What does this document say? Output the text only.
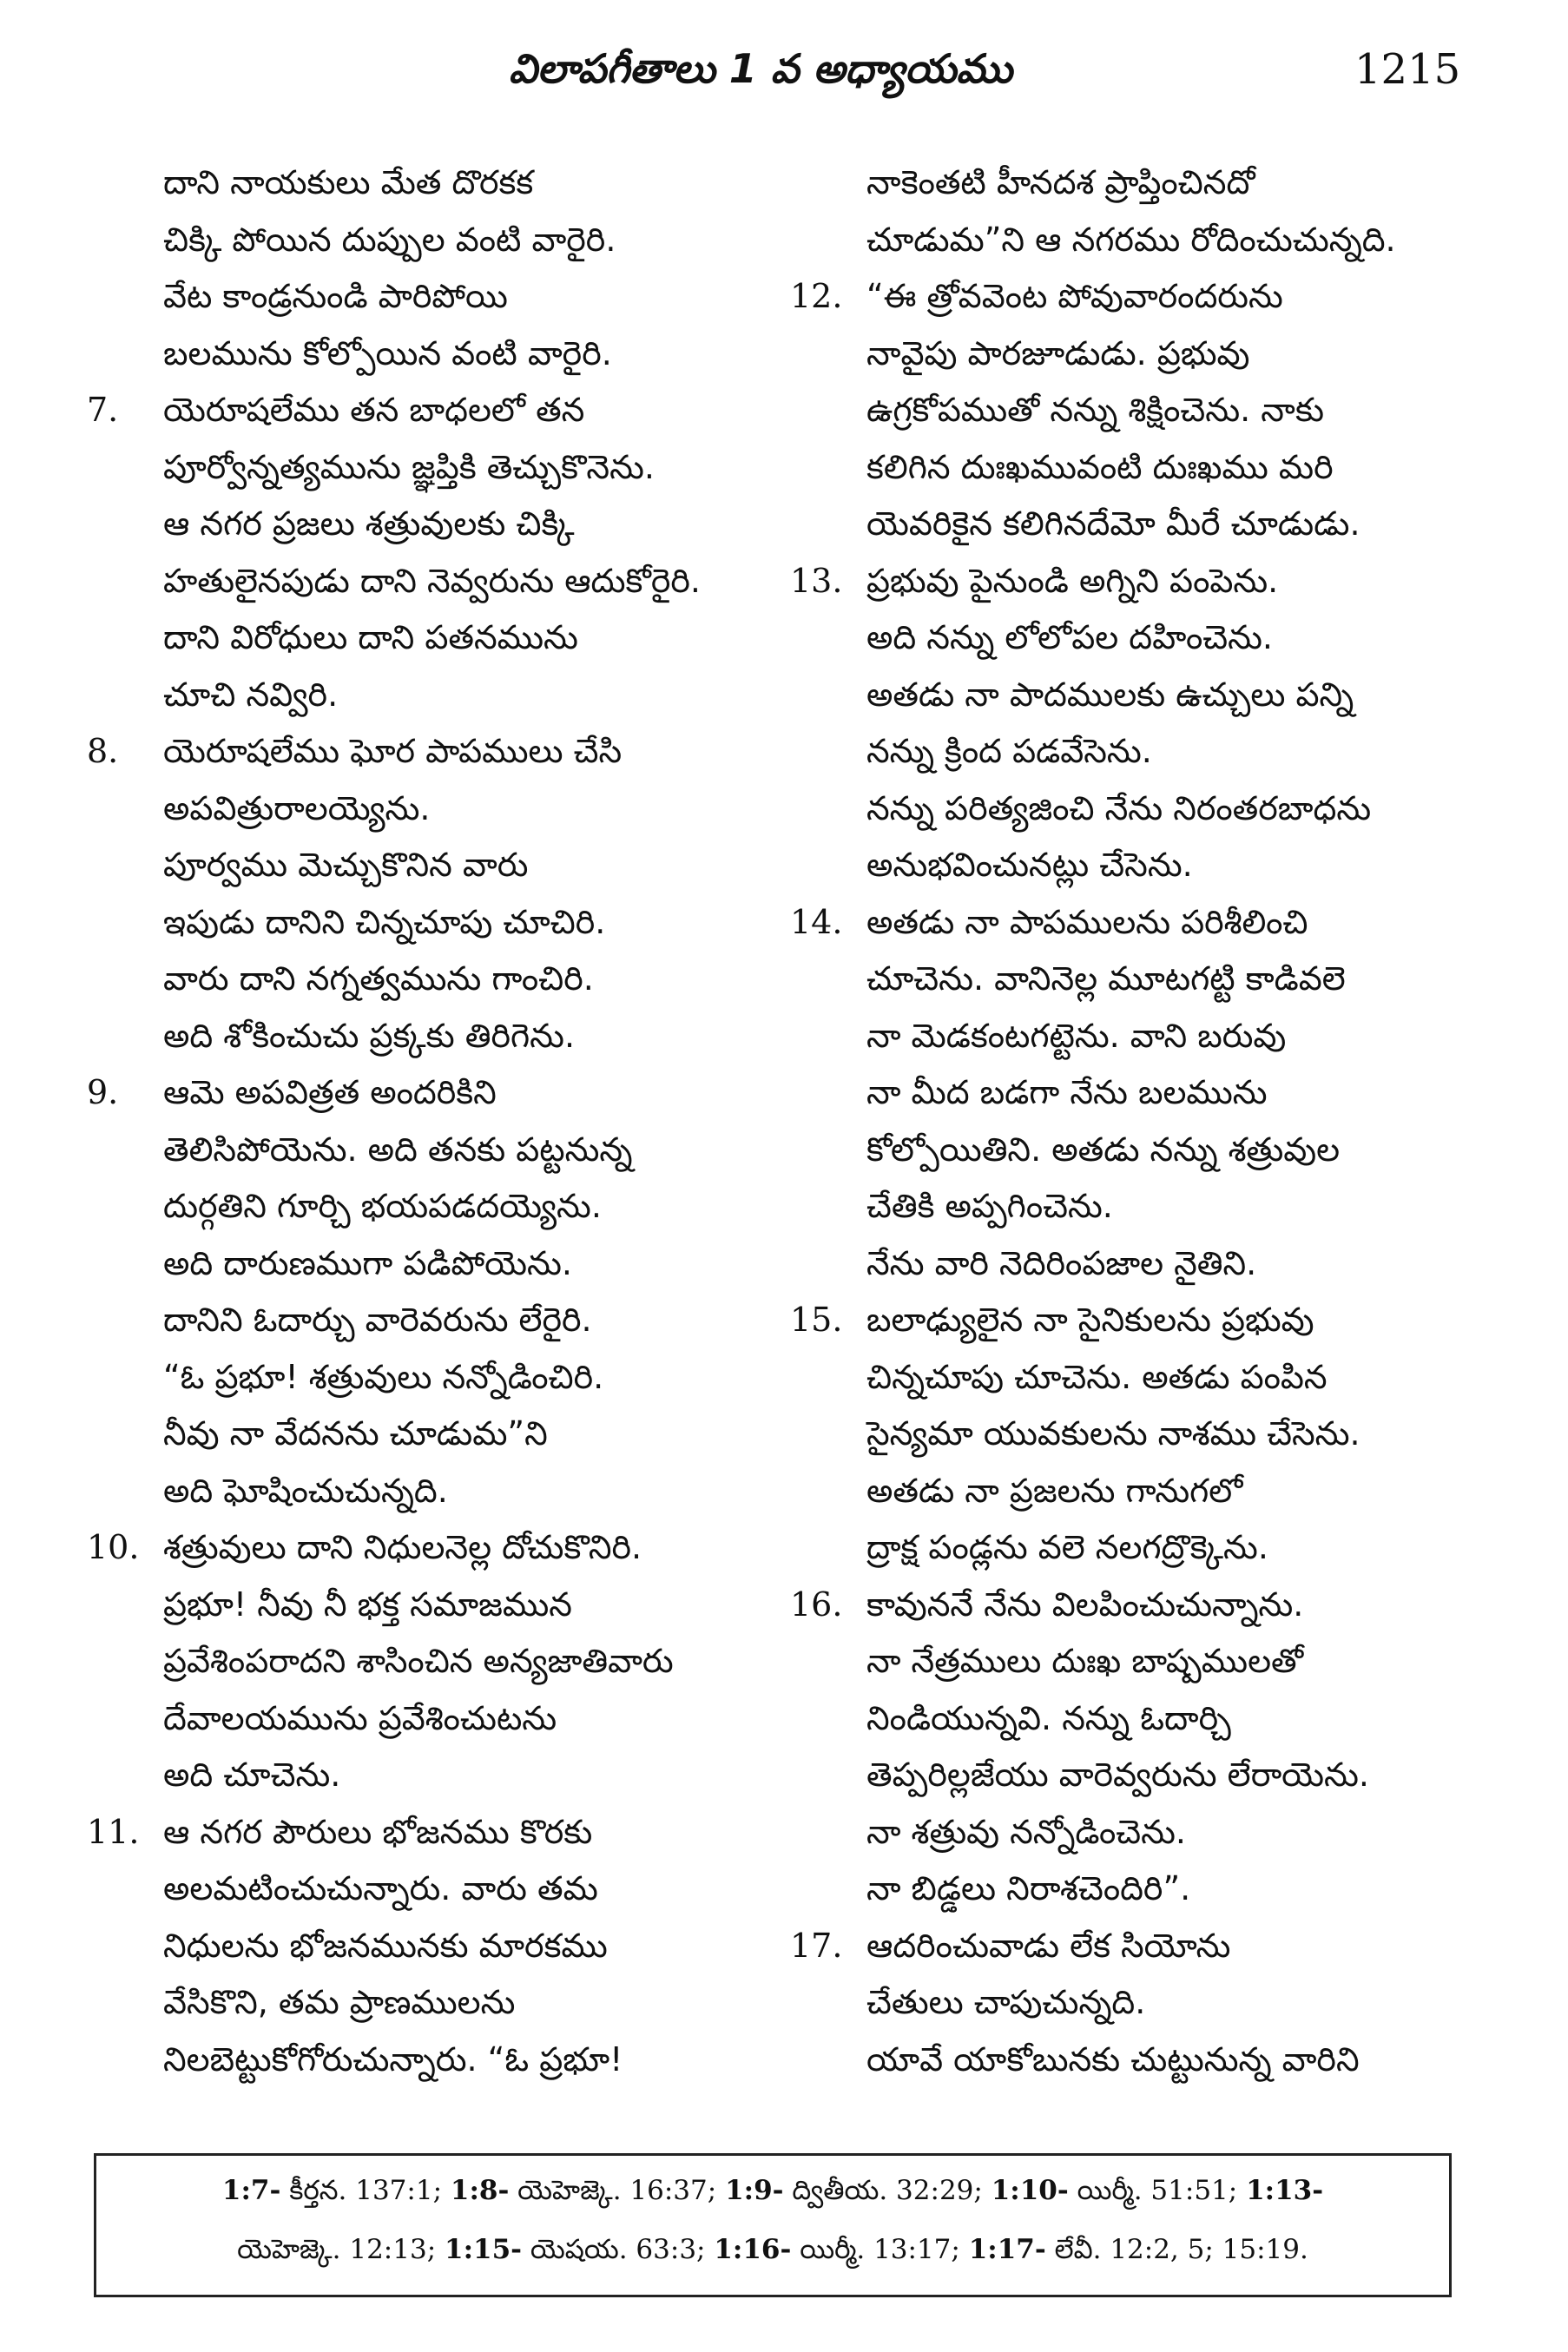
విలాపగీతాలు 1 వ అధ్యాయము	1215
దాని నాయకులు మేత దొరకక
చిక్కి పోయిన దుప్పుల వంటి వారైరి.
వేట కాండ్రనుండి పారిపోయి
బలమును కోల్పోయిన వంటి వారైరి.
7.	యెరూషలేము తన బాధలలో తన
పూర్వోన్నత్యమును జ్ఞప్తికి తెచ్చుకొనెను.
ఆ నగర ప్రజలు శత్రువులకు చిక్కి
హతులైనపుడు దాని నెవ్వరును ఆదుకోరైరి.
దాని విరోధులు దాని పతనమును
చూచి నవ్విరి.
8.	యెరూషలేము ఘోర పాపములు చేసి
అపవిత్రురాలయ్యెను.
పూర్వము మెచ్చుకొనిన వారు
ఇపుడు దానిని చిన్నచూపు చూచిరి.
వారు దాని నగ్నత్వమును గాంచిరి.
అది శోకించుచు ప్రక్కకు తిరిగెను.
9.	ఆమె అపవిత్రత అందరికిని
తెలిసిపోయెను. అది తనకు పట్టనున్న
దుర్గతిని గూర్చి భయపడదయ్యెను.
అది దారుణముగా పడిపోయెను.
దానిని ఓదార్చు వారెవరును లేరైరి.
“ఓ ప్రభూ! శత్రువులు నన్నోడించిరి.
నీవు నా వేదనను చూడుమ”ని
అది ఘోషించుచున్నది.
10. శత్రువులు దాని నిధులనెల్ల దోచుకొనిరి.
ప్రభూ! నీవు నీ భక్త సమాజమున
ప్రవేశింపరాదని శాసించిన అన్యజాతివారు
దేవాలయమును ప్రవేశించుటను
అది చూచెను.
11. ఆ నగర పౌరులు భోజనము కొరకు
అలమటించుచున్నారు. వారు తమ
నిధులను భోజనమునకు మారకము
వేసికొని, తమ ప్రాణములను
నిలబెట్టుకోగోరుచున్నారు. “ఓ ప్రభూ!
నాకెంతటి హీనదశ ప్రాప్తించినదో
చూడుమ”ని ఆ నగరము రోదించుచున్నది.
12. “ఈ త్రోవవెంట పోవువారందరును
నావైపు పారజూడుడు. ప్రభువు
ఉగ్రకోపముతో నన్ను శిక్షించెను. నాకు
కలిగిన దుఃఖమువంటి దుఃఖము మరి
యెవరికైన కలిగినదేమో మీరే చూడుడు.
13. ప్రభువు పైనుండి అగ్నిని పంపెను.
అది నన్ను లోలోపల దహించెను.
అతడు నా పాదములకు ఉచ్చులు పన్ని
నన్ను క్రింద పడవేసెను.
నన్ను పరిత్యజించి నేను నిరంతరబాధను
అనుభవించునట్లు చేసెను.
14. అతడు నా పాపములను పరిశీలించి
చూచెను. వానినెల్ల మూటగట్టి కాడివలె
నా మెడకంటగట్టెను. వాని బరువు
నా మీద బడగా నేను బలమును
కోల్పోయితిని. అతడు నన్ను శత్రువుల
చేతికి అప్పగించెను.
నేను వారి నెదిరింపజాల నైతిని.
15. బలాఢ్యులైన నా సైనికులను ప్రభువు
చిన్నచూపు చూచెను. అతడు పంపిన
సైన్యమా యువకులను నాశము చేసెను.
అతడు నా ప్రజలను గానుగలో
ద్రాక్ష పండ్లను వలె నలగద్రొక్కెను.
16. కావుననే నేను విలపించుచున్నాను.
నా నేత్రములు దుఃఖ బాష్పములతో
నిండియున్నవి. నన్ను ఓదార్చి
తెప్పరిల్లజేయు వారెవ్వరును లేరాయెను.
నా శత్రువు నన్నోడించెను.
నా బిడ్డలు నిరాశచెందిరి”.
17. ఆదరించువాడు లేక సియోను
చేతులు చాపుచున్నది.
యావే యాకోబునకు చుట్టునున్న వారిని
1:7- కీర్తన. 137:1; 1:8- యెహెజ్కె. 16:37; 1:9- ద్వితీయ. 32:29; 1:10- యిర్మీ. 51:51; 1:13-
యెహెజ్కె. 12:13; 1:15- యెషయ. 63:3; 1:16- యిర్మీ. 13:17; 1:17- లేవీ. 12:2, 5; 15:19.
